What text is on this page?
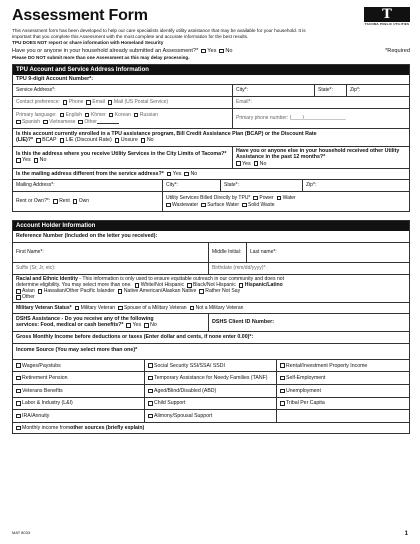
Assessment Form	T
TACOMA PUBLIC UTILITIES
This Assessment form has been developed to help our care specialists identify utility assistance that may be available for your household. It is
important that you complete this Assessment with the most complete and accurate information for the best results.
TPU DOES NOT report or share information with Homeland Security
Have you or anyone in your household already submitted an Assessment?* Yes No	*Required
Please DO NOT submit more than one Assessment as this may delay processing.
TPU Account and Service Address Information
TPU 9-digit Account Number*:
Service Address*:	City*:	State*:	Zip*:
Contact preference: Phone Email Mail (US Postal Service)	Email*:
Primary language: English Khmer Korean Russian
Spanish Vietnamese Other
Primary phone number: (____)_______________
Is this account currently enrolled in a TPU assistance program, Bill Credit Assistance Plan (BCAP) or the Discount Rate
(LIE)?* BCAP LIE (Discount Rate) Unsure No
Is this the address where you receive Utility Services in the City Limits of Tacoma?*
Yes No
Have you or anyone else in your household received other Utility Assistance in the past 12 months?*
Yes No
Is the mailing address different from the service address?* Yes No
Mailing Address*:	City*:	State*:	Zip*:
Rent or Own?*: Rent Own
Utility Services Billed Directly by TPU* Power Water
Wastewater Surface Water Solid Waste
Account Holder Information
Reference Number (Included on the letter you received):
First Name*:	Middle Initial: Last name*:
Suffix (Sr, Jr, etc):	Birthdate (mm/dd/yyyy)*:
Racial and Ethnic Identity - This information is only used to ensure equitable outreach in our community and does not
determine eligibility. You may select more than one. White/Not Hispanic Black/Not Hispanic Hispanic/Latino
Asian Hawaiian/Other Pacific Islander Native American/Alaskan Native Rather Not Say
Other
Military Veteran Status* Military Veteran Spouse of a Military Veteran Not a Military Veteran
DSHS Assistance - Do you receive any of the following
services: Food, medical or cash benefits?* Yes No
DSHS Client ID Number:
Gross Monthly Income before deductions or taxes (Enter dollar and cents, if none enter 0.00)*:
Income Source (You may select more than one)*
Wages/Paystubs	Social Security SSI/SSA/ SSDI	Rental/Investment Property Income
Retirement Pension	Temporary Assistance for Needy Families (TANF)	Self-Employment
Veterans Benefits	Aged/Blind/Disabled (ABD)	Unemployment
Labor & Industry (L&I)	Child Support	Tribal Per Capita
IRA/Annuity	Alimony/Spousal Support
Monthly income from other sources (briefly explain)
MAT 8033	1
